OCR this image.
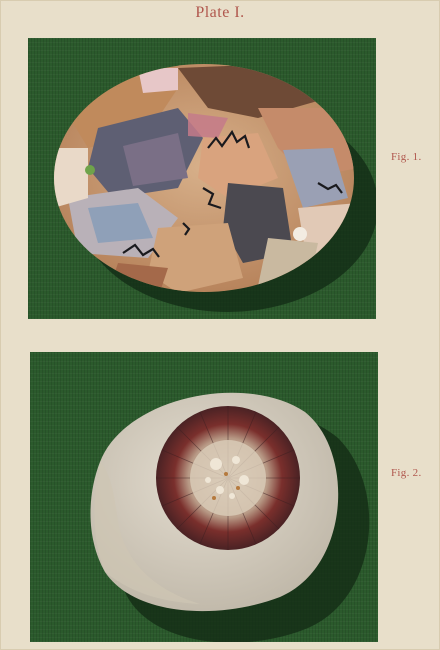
Plate I.
Fig. 1.
Fig. 2.
